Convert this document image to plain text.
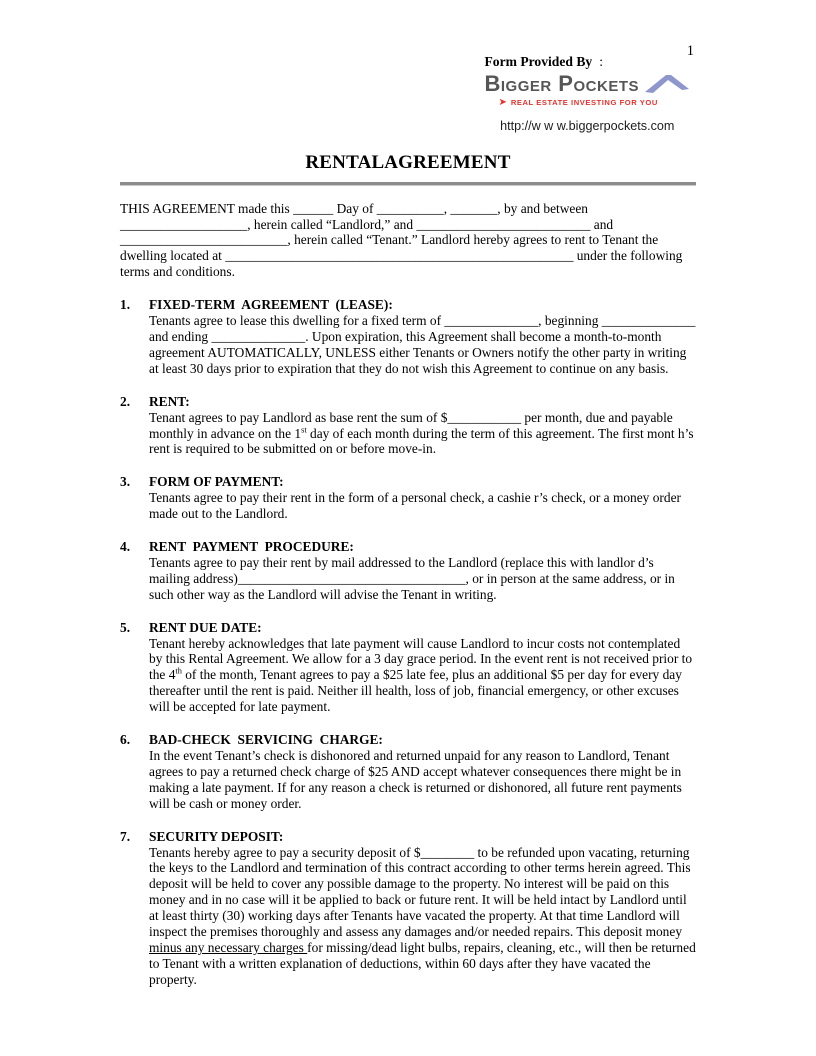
1
Form Provided By :
Bigger Pockets
➤ REAL ESTATE INVESTING FOR YOU
http://w w w.biggerpockets.com
RENTAL AGREEMENT

THIS AGREEMENT made this ______ Day of __________, _______, by and between ___________________, herein called “Landlord,” and __________________________ and _________________________, herein called “Tenant.” Landlord hereby agrees to rent to Tenant the dwelling located at ____________________________________________________ under the following terms and conditions.

1.	FIXED-TERM  AGREEMENT  (LEASE):

Tenants agree to lease this dwelling for a fixed term of ______________, beginning ______________ and ending ______________. Upon expiration, this Agreement shall become a month-to-month agreement AUTOMATICALLY, UNLESS either Tenants or Owners notify the other party in writing at least 30 days prior to expiration that they do not wish this Agreement to continue on any basis.

2.	RENT:

Tenant agrees to pay Landlord as base rent the sum of $___________ per month, due and payable monthly in advance on the 1st day of each month during the term of this agreement. The first mont h’s rent is required to be submitted on or before move-in.

3.	FORM OF PAYMENT:

Tenants agree to pay their rent in the form of a personal check, a cashie r’s check, or a money order made out to the Landlord.

4.	RENT  PAYMENT  PROCEDURE:

Tenants agree to pay their rent by mail addressed to the Landlord (replace this with landlor d’s mailing address)__________________________________, or in person at the same address, or in such other way as the Landlord will advise the Tenant in writing.

5.	RENT DUE DATE:

Tenant hereby acknowledges that late payment will cause Landlord to incur costs not contemplated by this Rental Agreement. We allow for a 3 day grace period. In the event rent is not received prior to the 4th of the month, Tenant agrees to pay a $25 late fee, plus an additional $5 per day for every day thereafter until the rent is paid. Neither ill health, loss of job, financial emergency, or other excuses will be accepted for late payment.

6.	BAD-CHECK  SERVICING  CHARGE:

In the event Tenant’s check is dishonored and returned unpaid for any reason to Landlord, Tenant agrees to pay a returned check charge of $25 AND accept whatever consequences there might be in making a late payment. If for any reason a check is returned or dishonored, all future rent payments will be cash or money order.

7.	SECURITY DEPOSIT:

Tenants hereby agree to pay a security deposit of $________ to be refunded upon vacating, returning the keys to the Landlord and termination of this contract according to other terms herein agreed. This deposit will be held to cover any possible damage to the property. No interest will be paid on this money and in no case will it be applied to back or future rent. It will be held intact by Landlord until at least thirty (30) working days after Tenants have vacated the property. At that time Landlord will inspect the premises thoroughly and assess any damages and/or needed repairs. This deposit money minus any necessary charges for missing/dead light bulbs, repairs, cleaning, etc., will then be returned to Tenant with a written explanation of deductions, within 60 days after they have vacated the property.
